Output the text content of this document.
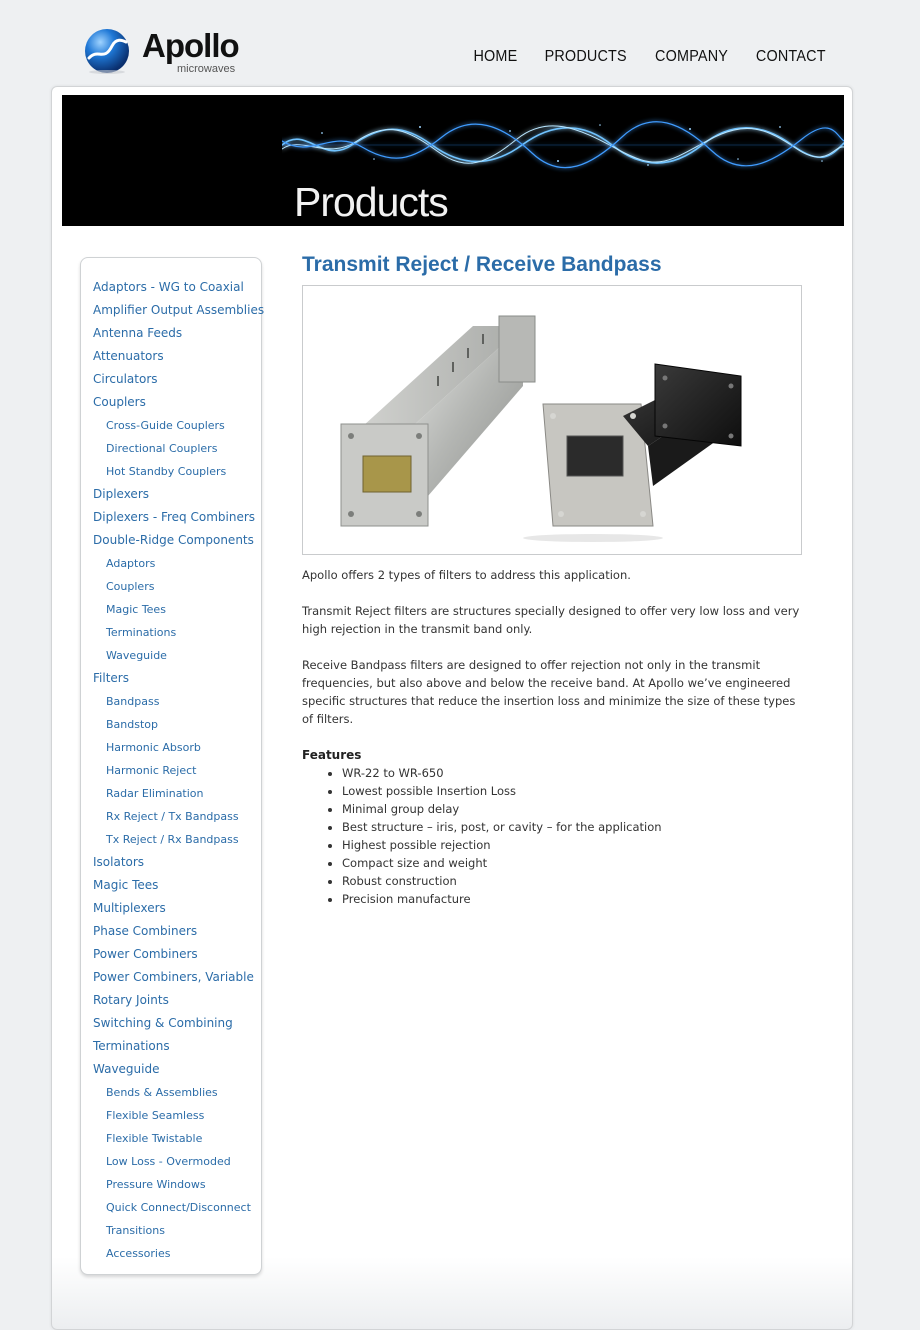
Apollo
microwaves
HOME PRODUCTS COMPANY CONTACT
Products
Adaptors - WG to Coaxial
Amplifier Output Assemblies
Antenna Feeds
Attenuators
Circulators
Couplers
Cross-Guide Couplers
Directional Couplers
Hot Standby Couplers
Diplexers
Diplexers - Freq Combiners
Double-Ridge Components
Adaptors
Couplers
Magic Tees
Terminations
Waveguide
Filters
Bandpass
Bandstop
Harmonic Absorb
Harmonic Reject
Radar Elimination
Rx Reject / Tx Bandpass
Tx Reject / Rx Bandpass
Isolators
Magic Tees
Multiplexers
Phase Combiners
Power Combiners
Power Combiners, Variable
Rotary Joints
Switching & Combining
Terminations
Waveguide
Bends & Assemblies
Flexible Seamless
Flexible Twistable
Low Loss - Overmoded
Pressure Windows
Quick Connect/Disconnect
Transitions
Accessories
Transmit Reject / Receive Bandpass

Apollo offers 2 types of filters to address this application.

Transmit Reject filters are structures specially designed to offer very low loss and very high rejection in the transmit band only.

Receive Bandpass filters are designed to offer rejection not only in the transmit frequencies, but also above and below the receive band. At Apollo we’ve engineered specific structures that reduce the insertion loss and minimize the size of these types of filters.

Features
• WR-22 to WR-650
• Lowest possible Insertion Loss
• Minimal group delay
• Best structure – iris, post, or cavity – for the application
• Highest possible rejection
• Compact size and weight
• Robust construction
• Precision manufacture
